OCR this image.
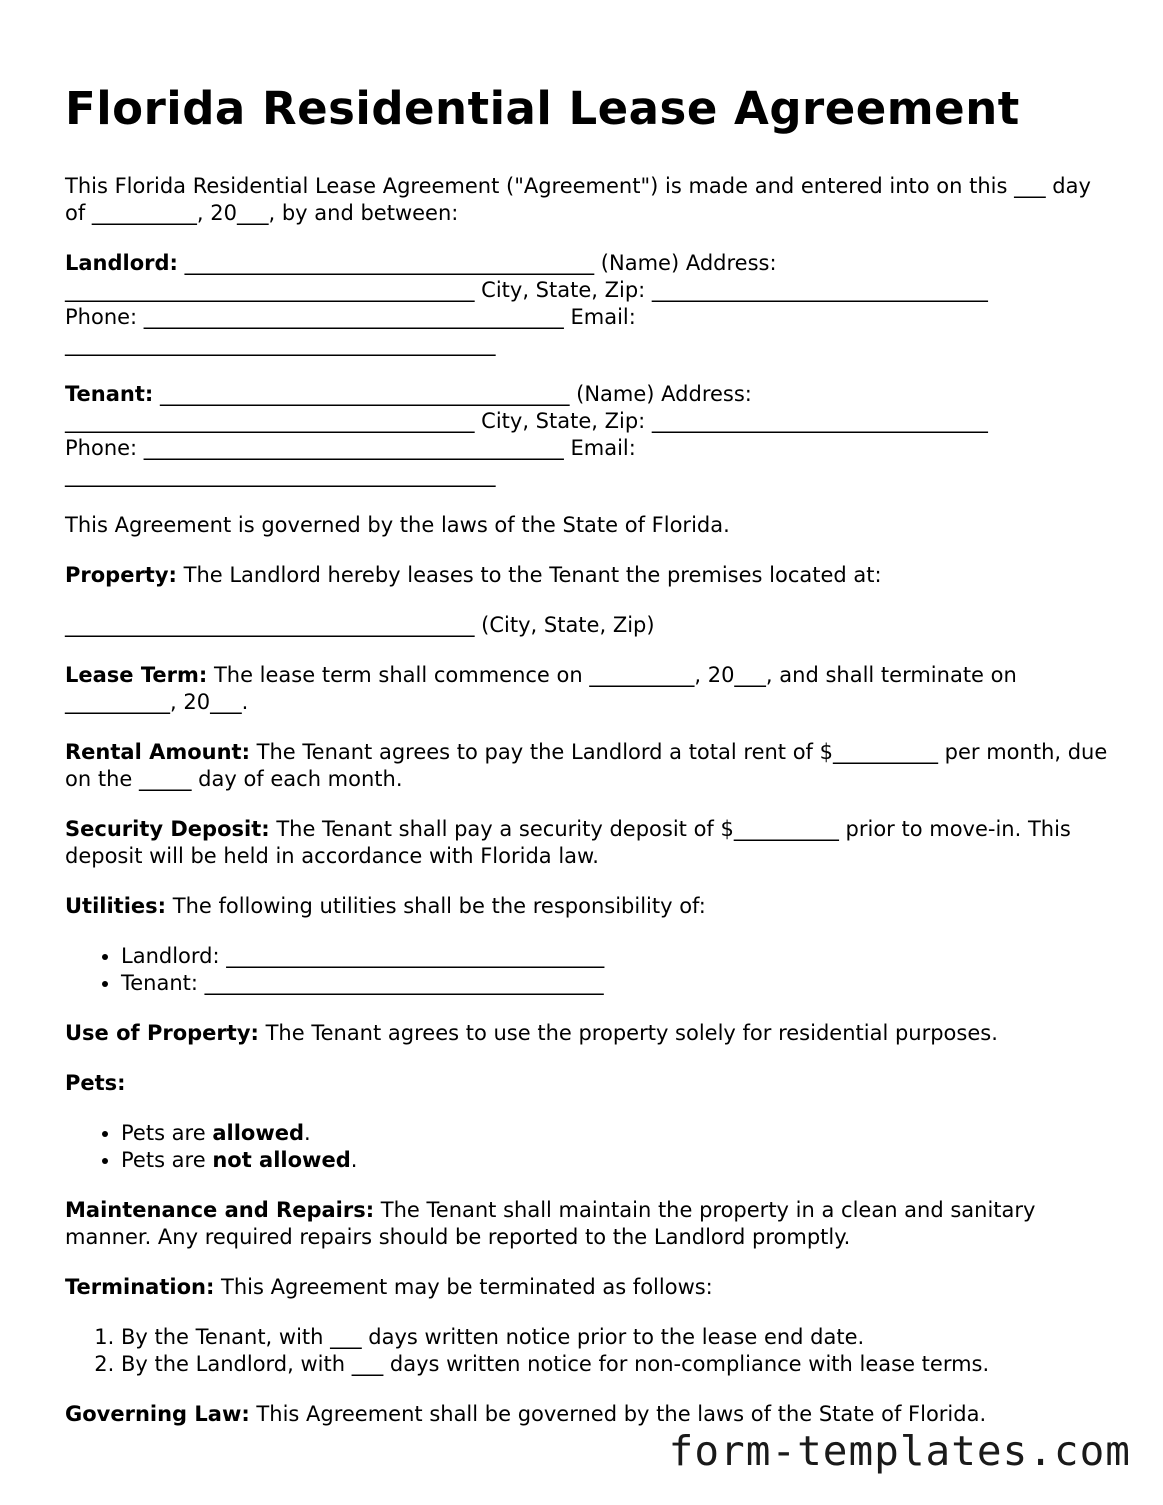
Florida Residential Lease Agreement

This Florida Residential Lease Agreement ("Agreement") is made and entered into on this ___ day of __________, 20___, by and between:

Landlord: _______________________________________ (Name) Address:
_______________________________________ City, State, Zip: ________________________________
Phone: ________________________________________ Email:
_________________________________________

Tenant: _______________________________________ (Name) Address:
_______________________________________ City, State, Zip: ________________________________
Phone: ________________________________________ Email:
_________________________________________

This Agreement is governed by the laws of the State of Florida.

Property: The Landlord hereby leases to the Tenant the premises located at:

_______________________________________ (City, State, Zip)

Lease Term: The lease term shall commence on __________, 20___, and shall terminate on __________, 20___.

Rental Amount: The Tenant agrees to pay the Landlord a total rent of $__________ per month, due on the _____ day of each month.

Security Deposit: The Tenant shall pay a security deposit of $__________ prior to move-in. This deposit will be held in accordance with Florida law.

Utilities: The following utilities shall be the responsibility of:

• Landlord: ____________________________________
• Tenant: ______________________________________

Use of Property: The Tenant agrees to use the property solely for residential purposes.

Pets:

• Pets are allowed.
• Pets are not allowed.

Maintenance and Repairs: The Tenant shall maintain the property in a clean and sanitary manner. Any required repairs should be reported to the Landlord promptly.

Termination: This Agreement may be terminated as follows:

1. By the Tenant, with ___ days written notice prior to the lease end date.
2. By the Landlord, with ___ days written notice for non-compliance with lease terms.

Governing Law: This Agreement shall be governed by the laws of the State of Florida.

form-templates.com
